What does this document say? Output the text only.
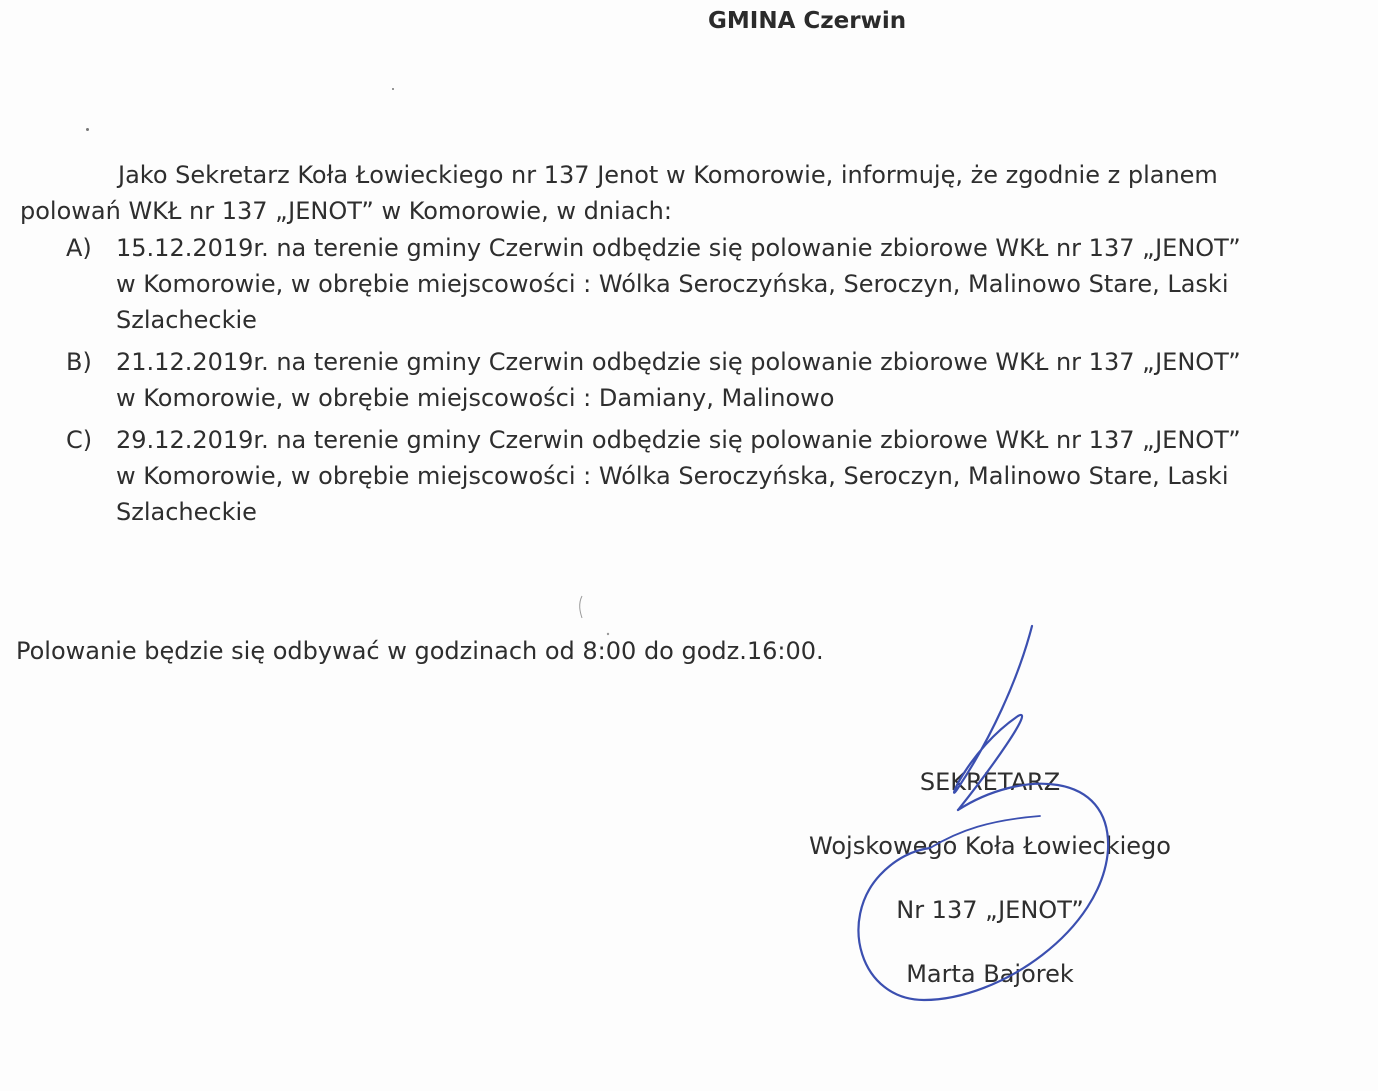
GMINA Czerwin

Jako Sekretarz Koła Łowieckiego nr 137 Jenot w Komorowie, informuję, że zgodnie z planem polowań WKŁ nr 137 „JENOT” w Komorowie, w dniach:

A) 15.12.2019r. na terenie gminy Czerwin odbędzie się polowanie zbiorowe WKŁ nr 137 „JENOT” w Komorowie, w obrębie miejscowości : Wólka Seroczyńska, Seroczyn, Malinowo Stare, Laski Szlacheckie
B) 21.12.2019r. na terenie gminy Czerwin odbędzie się polowanie zbiorowe WKŁ nr 137 „JENOT” w Komorowie, w obrębie miejscowości : Damiany, Malinowo
C) 29.12.2019r. na terenie gminy Czerwin odbędzie się polowanie zbiorowe WKŁ nr 137 „JENOT” w Komorowie, w obrębie miejscowości : Wólka Seroczyńska, Seroczyn, Malinowo Stare, Laski Szlacheckie
Polowanie będzie się odbywać w godzinach od 8:00 do godz.16:00.
SEKRETARZ
Wojskowego Koła Łowieckiego
Nr 137 „JENOT”
Marta Bajorek
